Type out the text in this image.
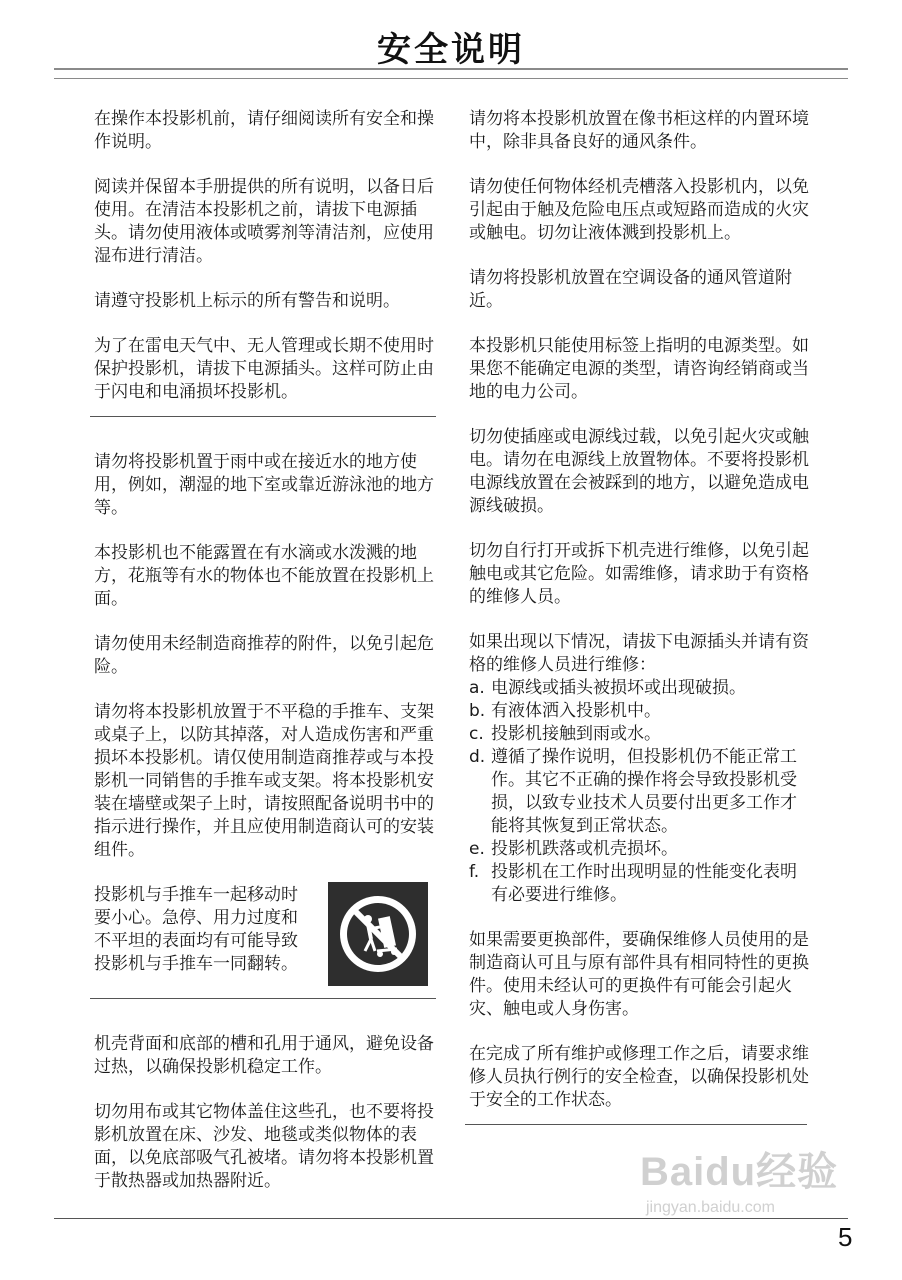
安全说明

在操作本投影机前，请仔细阅读所有安全和操作说明。

阅读并保留本手册提供的所有说明，以备日后使用。在清洁本投影机之前，请拔下电源插头。请勿使用液体或喷雾剂等清洁剂，应使用湿布进行清洁。

请遵守投影机上标示的所有警告和说明。

为了在雷电天气中、无人管理或长期不使用时保护投影机，请拔下电源插头。这样可防止由于闪电和电涌损坏投影机。

请勿将投影机置于雨中或在接近水的地方使用，例如，潮湿的地下室或靠近游泳池的地方等。

本投影机也不能露置在有水滴或水泼溅的地方，花瓶等有水的物体也不能放置在投影机上面。

请勿使用未经制造商推荐的附件，以免引起危险。

请勿将本投影机放置于不平稳的手推车、支架或桌子上，以防其掉落，对人造成伤害和严重损坏本投影机。请仅使用制造商推荐或与本投影机一同销售的手推车或支架。将本投影机安装在墙壁或架子上时，请按照配备说明书中的指示进行操作，并且应使用制造商认可的安装组件。

投影机与手推车一起移动时要小心。急停、用力过度和不平坦的表面均有可能导致投影机与手推车一同翻转。

机壳背面和底部的槽和孔用于通风，避免设备过热，以确保投影机稳定工作。

切勿用布或其它物体盖住这些孔，也不要将投影机放置在床、沙发、地毯或类似物体的表面，以免底部吸气孔被堵。请勿将本投影机置于散热器或加热器附近。

请勿将本投影机放置在像书柜这样的内置环境中，除非具备良好的通风条件。

请勿使任何物体经机壳槽落入投影机内，以免引起由于触及危险电压点或短路而造成的火灾或触电。切勿让液体溅到投影机上。

请勿将投影机放置在空调设备的通风管道附近。

本投影机只能使用标签上指明的电源类型。如果您不能确定电源的类型，请咨询经销商或当地的电力公司。

切勿使插座或电源线过载，以免引起火灾或触电。请勿在电源线上放置物体。不要将投影机电源线放置在会被踩到的地方，以避免造成电源线破损。

切勿自行打开或拆下机壳进行维修，以免引起触电或其它危险。如需维修，请求助于有资格的维修人员。

如果出现以下情况，请拔下电源插头并请有资格的维修人员进行维修：

a. 电源线或插头被损坏或出现破损。
b. 有液体洒入投影机中。
c. 投影机接触到雨或水。
d. 遵循了操作说明，但投影机仍不能正常工作。其它不正确的操作将会导致投影机受损，以致专业技术人员要付出更多工作才能将其恢复到正常状态。
e. 投影机跌落或机壳损坏。
f. 投影机在工作时出现明显的性能变化表明有必要进行维修。

如果需要更换部件，要确保维修人员使用的是制造商认可且与原有部件具有相同特性的更换件。使用未经认可的更换件有可能会引起火灾、触电或人身伤害。

在完成了所有维护或修理工作之后，请要求维修人员执行例行的安全检查，以确保投影机处于安全的工作状态。

Baidu经验
jingyan.baidu.com
5
